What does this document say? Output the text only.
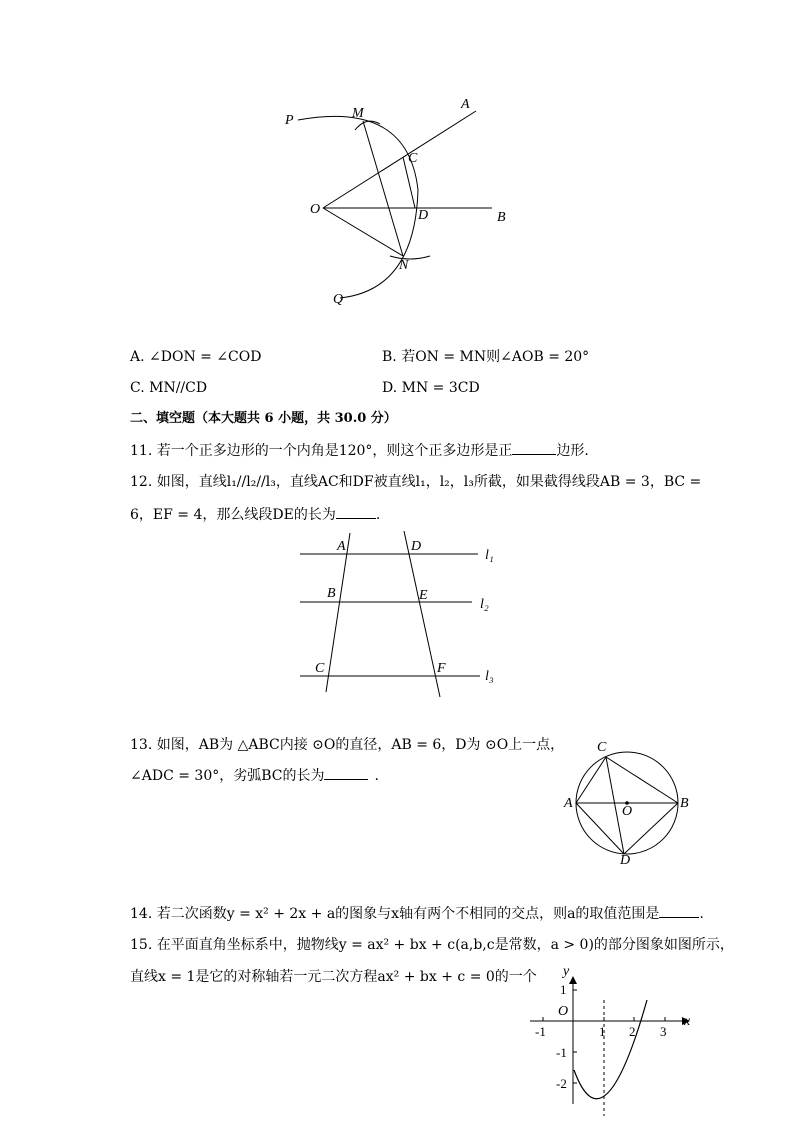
P	M
A
C
O	D	B
N
Q
A. ∠DON = ∠COD	B. 若ON = MN则∠AOB = 20°
C. MN//CD	D. MN = 3CD
二、填空题（本大题共 6 小题，共 30.0 分）
11. 若一个正多边形的一个内角是120°，则这个正多边形是正	边形.
12. 如图，直线l₁//l₂//l₃，直线AC和DF被直线l₁，l₂，l₃所截，如果截得线段AB = 3，BC =
6，EF = 4，那么线段DE的长为	.
A	D
l₁
B	E
l₂
C	F
l₃
13. 如图，AB为 △ABC内接 ⊙O的直径，AB = 6，D为 ⊙O上一点，
∠ADC = 30°，劣弧BC的长为	.
C
A
O
B
D
14. 若二次函数y = x² + 2x + a的图象与x轴有两个不相同的交点，则a的取值范围是	.
15. 在平面直角坐标系中，抛物线y = ax² + bx + c(a,b,c是常数，a > 0)的部分图象如图所示，
直线x = 1是它的对称轴若一元二次方程ax² + bx + c = 0的一个 y
x
O
-1	1 2 3
1
-1
-2
